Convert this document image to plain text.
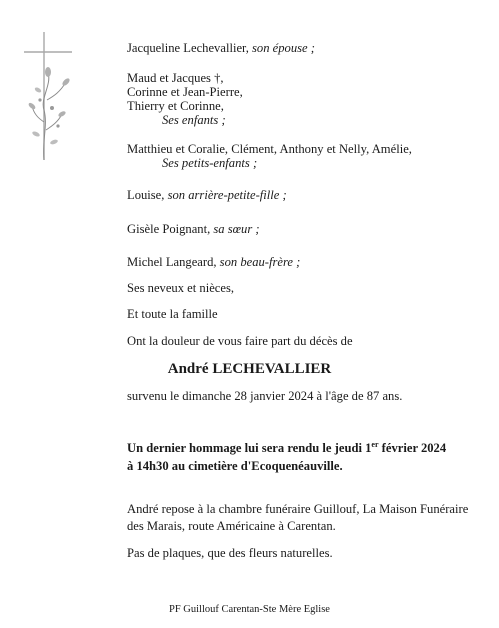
Jacqueline Lechevallier, son épouse ;
Maud et Jacques †,
Corinne et Jean-Pierre,
Thierry et Corinne,
Ses enfants ;
Matthieu et Coralie, Clément, Anthony et Nelly, Amélie,
Ses petits-enfants ;
Louise, son arrière-petite-fille ;
Gisèle Poignant, sa sœur ;
Michel Langeard, son beau-frère ;
Ses neveux et nièces,
Et toute la famille
Ont la douleur de vous faire part du décès de
André LECHEVALLIER
survenu le dimanche 28 janvier 2024 à l'âge de 87 ans.
Un dernier hommage lui sera rendu le jeudi 1er février 2024
à 14h30 au cimetière d'Ecoquenéauville.
André repose à la chambre funéraire Guillouf, La Maison Funéraire
des Marais, route Américaine à Carentan.
Pas de plaques, que des fleurs naturelles.
PF Guillouf Carentan-Ste Mère Eglise
